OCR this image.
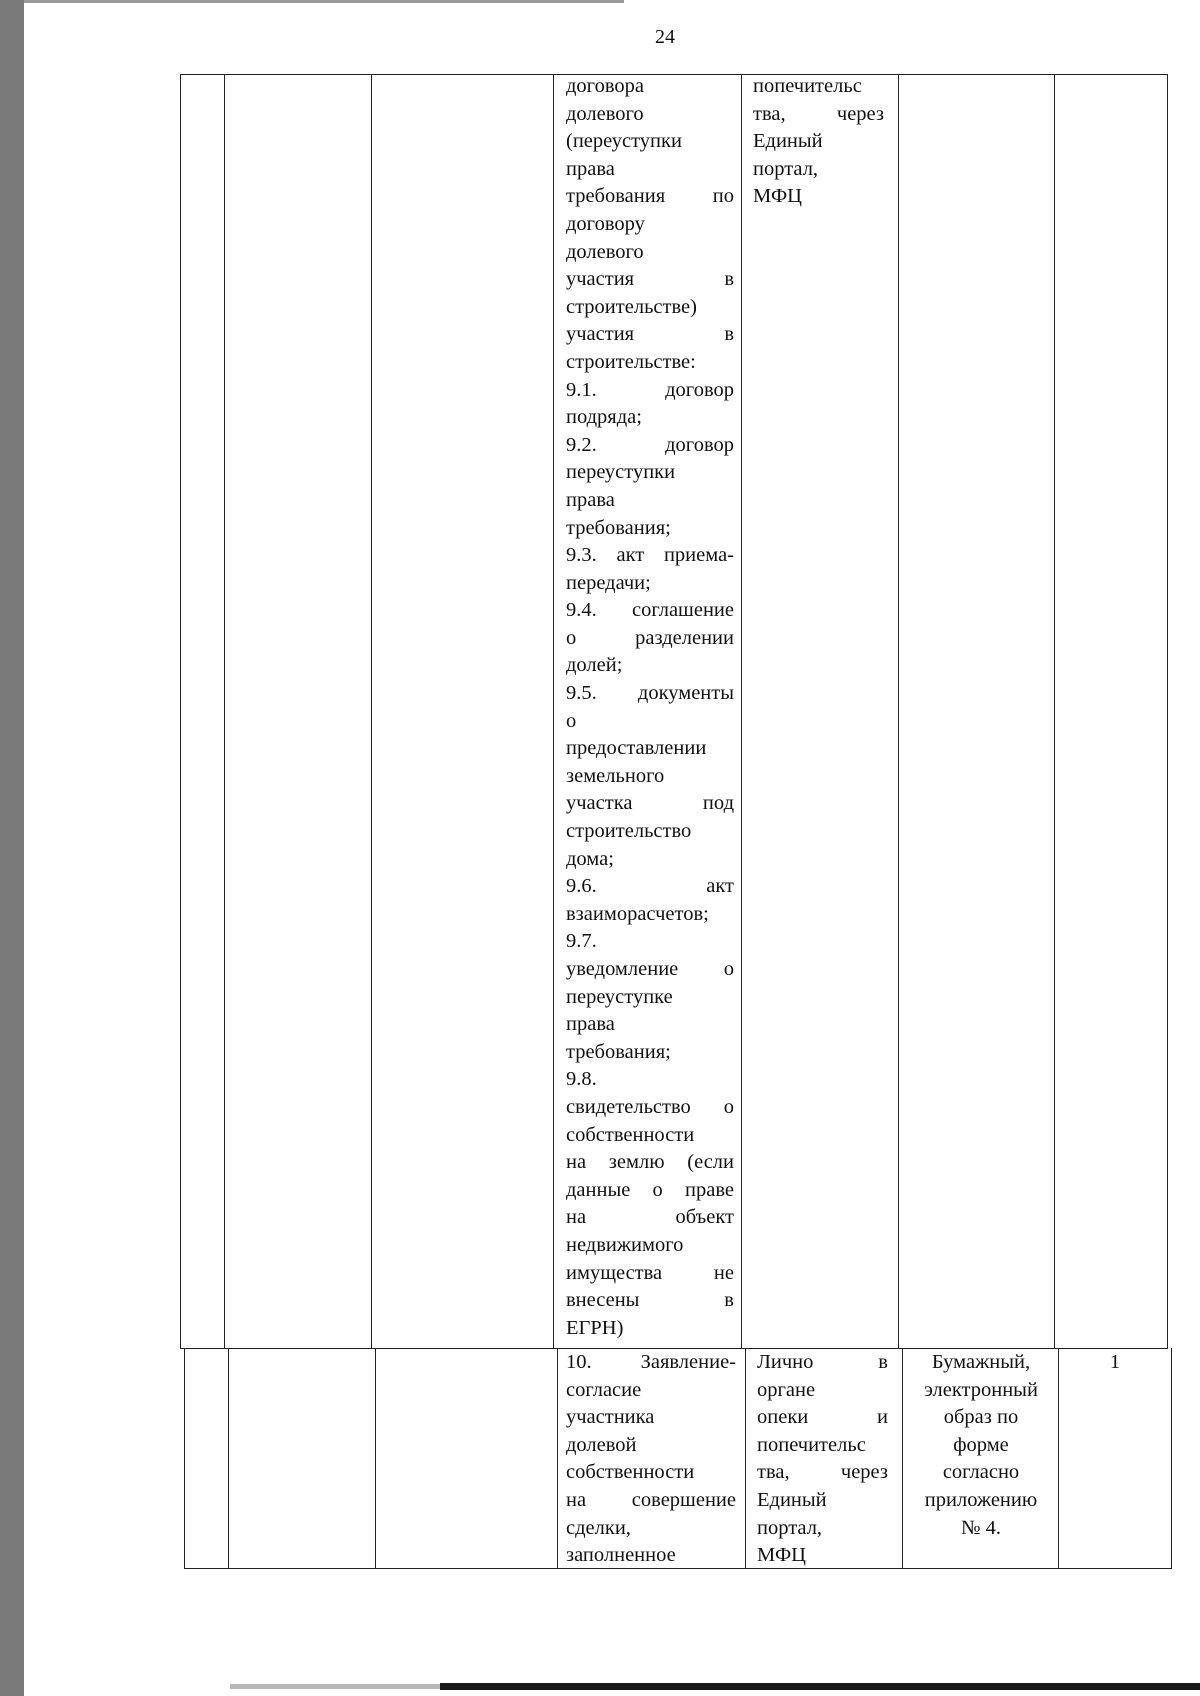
24
договора
долевого
(переуступки
права
требования по
договору
долевого
участия в
строительстве)
участия в
строительстве:
9.1. договор
подряда;
9.2. договор
переуступки
права
требования;
9.3. акт приема-
передачи;
9.4. соглашение
о разделении
долей;
9.5. документы
о
предоставлении
земельного
участка под
строительство
дома;
9.6. акт
взаиморасчетов;
9.7.
уведомление о
переуступке
права
требования;
9.8.
свидетельство о
собственности
на землю (если
данные о праве
на объект
недвижимого
имущества не
внесены в
ЕГРН)
попечительс
тва, через
Единый
портал,
МФЦ
10. Заявление-
согласие
участника
долевой
собственности
на совершение
сделки,
заполненное
Лично в
органе
опеки и
попечительс
тва, через
Единый
портал,
МФЦ
Бумажный,
электронный
образ по
форме
согласно
приложению
№ 4.
1
